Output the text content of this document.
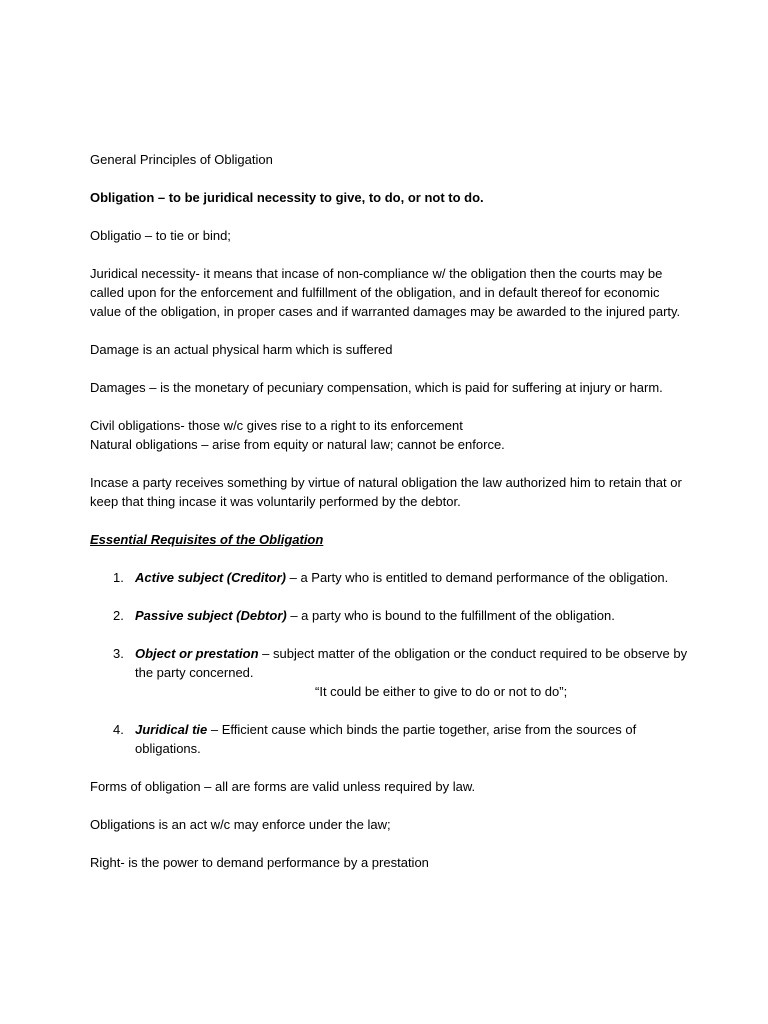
General Principles of Obligation

Obligation – to be juridical necessity to give, to do, or not to do.

Obligatio – to tie or bind;

Juridical necessity- it means that incase of non-compliance w/ the obligation then the courts may be called upon for the enforcement and fulfillment of the obligation, and in default thereof for economic value of the obligation, in proper cases and if warranted damages may be awarded to the injured party.

Damage is an actual physical harm which is suffered

Damages – is the monetary of pecuniary compensation, which is paid for suffering at injury or harm.

Civil obligations- those w/c gives rise to a right to its enforcement
Natural obligations – arise from equity or natural law; cannot be enforce.

Incase a party receives something by virtue of natural obligation the law authorized him to retain that or keep that thing incase it was voluntarily performed by the debtor.

Essential Requisites of the Obligation

1. Active subject (Creditor) – a Party who is entitled to demand performance of the obligation.
2. Passive subject (Debtor) – a party who is bound to the fulfillment of the obligation.
3. Object or prestation – subject matter of the obligation or the conduct required to be observe by the party concerned.
“It could be either to give to do or not to do”;
4. Juridical tie – Efficient cause which binds the partie together, arise from the sources of obligations.

Forms of obligation – all are forms are valid unless required by law.

Obligations is an act w/c may enforce under the law;

Right- is the power to demand performance by a prestation
